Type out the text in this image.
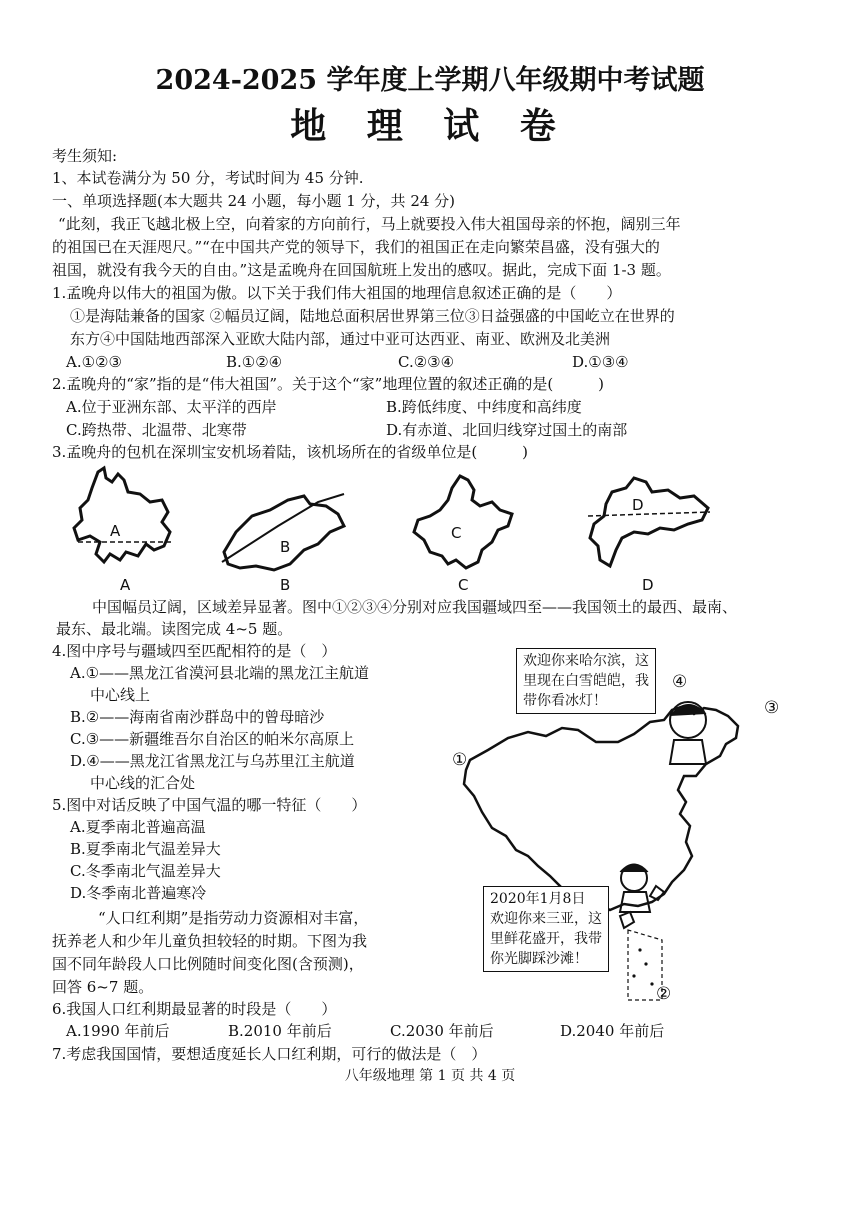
2024-2025 学年度上学期八年级期中考试题
地 理 试 卷
考生须知:
1、本试卷满分为 50 分，考试时间为 45 分钟.
一、单项选择题(本大题共 24 小题，每小题 1 分，共 24 分)
“此刻，我正飞越北极上空，向着家的方向前行，马上就要投入伟大祖国母亲的怀抱，阔别三年
的祖国已在天涯咫尺。”“在中国共产党的领导下，我们的祖国正在走向繁荣昌盛，没有强大的
祖国，就没有我今天的自由。”这是孟晚舟在回国航班上发出的感叹。据此，完成下面 1-3 题。
1.孟晚舟以伟大的祖国为傲。以下关于我们伟大祖国的地理信息叙述正确的是（　　）
①是海陆兼备的国家 ②幅员辽阔，陆地总面积居世界第三位③日益强盛的中国屹立在世界的
东方④中国陆地西部深入亚欧大陆内部，通过中亚可达西亚、南亚、欧洲及北美洲
A.①②③	B.①②④	C.②③④	D.①③④
2.孟晚舟的“家”指的是“伟大祖国”。关于这个“家”地理位置的叙述正确的是(　　　)
A.位于亚洲东部、太平洋的西岸	B.跨低纬度、中纬度和高纬度
C.跨热带、北温带、北寒带	D.有赤道、北回归线穿过国土的南部
3.孟晚舟的包机在深圳宝安机场着陆，该机场所在的省级单位是(　　　)
A
B
C
D
A	B	C	D
中国幅员辽阔，区域差异显著。图中①②③④分别对应我国疆域四至——我国领土的最西、最南、
最东、最北端。读图完成 4~5 题。
4.图中序号与疆域四至匹配相符的是（　）
A.①——黑龙江省漠河县北端的黑龙江主航道
中心线上
B.②——海南省南沙群岛中的曾母暗沙
C.③——新疆维吾尔自治区的帕米尔高原上
D.④——黑龙江省黑龙江与乌苏里江主航道
中心线的汇合处
5.图中对话反映了中国气温的哪一特征（　　）
A.夏季南北普遍高温
B.夏季南北气温差异大
C.冬季南北气温差异大
D.冬季南北普遍寒冷
“人口红利期”是指劳动力资源相对丰富，
抚养老人和少年儿童负担较轻的时期。下图为我
国不同年龄段人口比例随时间变化图(含预测)，
回答 6~7 题。
欢迎你来哈尔滨，这
里现在白雪皑皑，我
带你看冰灯！
2020年1月8日
欢迎你来三亚，这
里鲜花盛开，我带
你光脚踩沙滩！
④
③
①
②
6.我国人口红利期最显著的时段是（　　）
A.1990 年前后	B.2010 年前后	C.2030 年前后	D.2040 年前后
7.考虑我国国情，要想适度延长人口红利期，可行的做法是（　）
八年级地理 第 1 页 共 4 页
